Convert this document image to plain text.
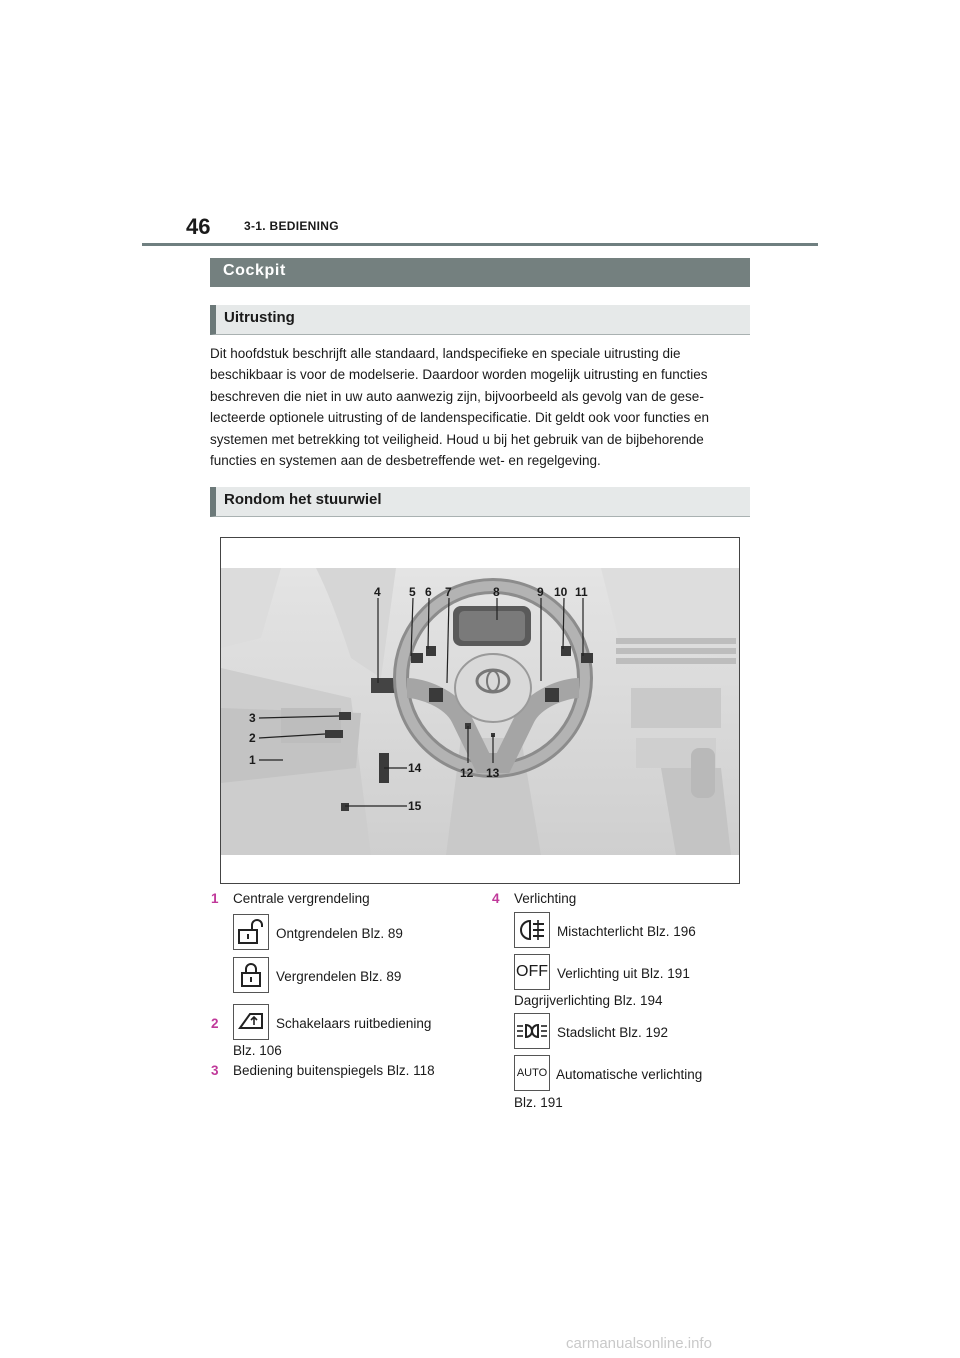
46	3-1. BEDIENING
Cockpit
Uitrusting
Dit hoofdstuk beschrijft alle standaard, landspecifieke en speciale uitrusting die
beschikbaar is voor de modelserie. Daardoor worden mogelijk uitrusting en functies
beschreven die niet in uw auto aanwezig zijn, bijvoorbeeld als gevolg van de gese-
lecteerde optionele uitrusting of de landenspecificatie. Dit geldt ook voor functies en
systemen met betrekking tot veiligheid. Houd u bij het gebruik van de bijbehorende
functies en systemen aan de desbetreffende wet- en regelgeving.
Rondom het stuurwiel
4 5 6 7	8	9 10 11
3
2
1
12 13
14
15
1 Centrale vergrendeling
Ontgrendelen Blz. 89
Vergrendelen Blz. 89
2	Schakelaars ruitbediening
Blz. 106
3 Bediening buitenspiegels Blz. 118
4 Verlichting
Mistachterlicht Blz. 196
OFF Verlichting uit Blz. 191
Dagrijverlichting Blz. 194
Stadslicht Blz. 192
AUTO Automatische verlichting
Blz. 191
carmanualsonline.info
